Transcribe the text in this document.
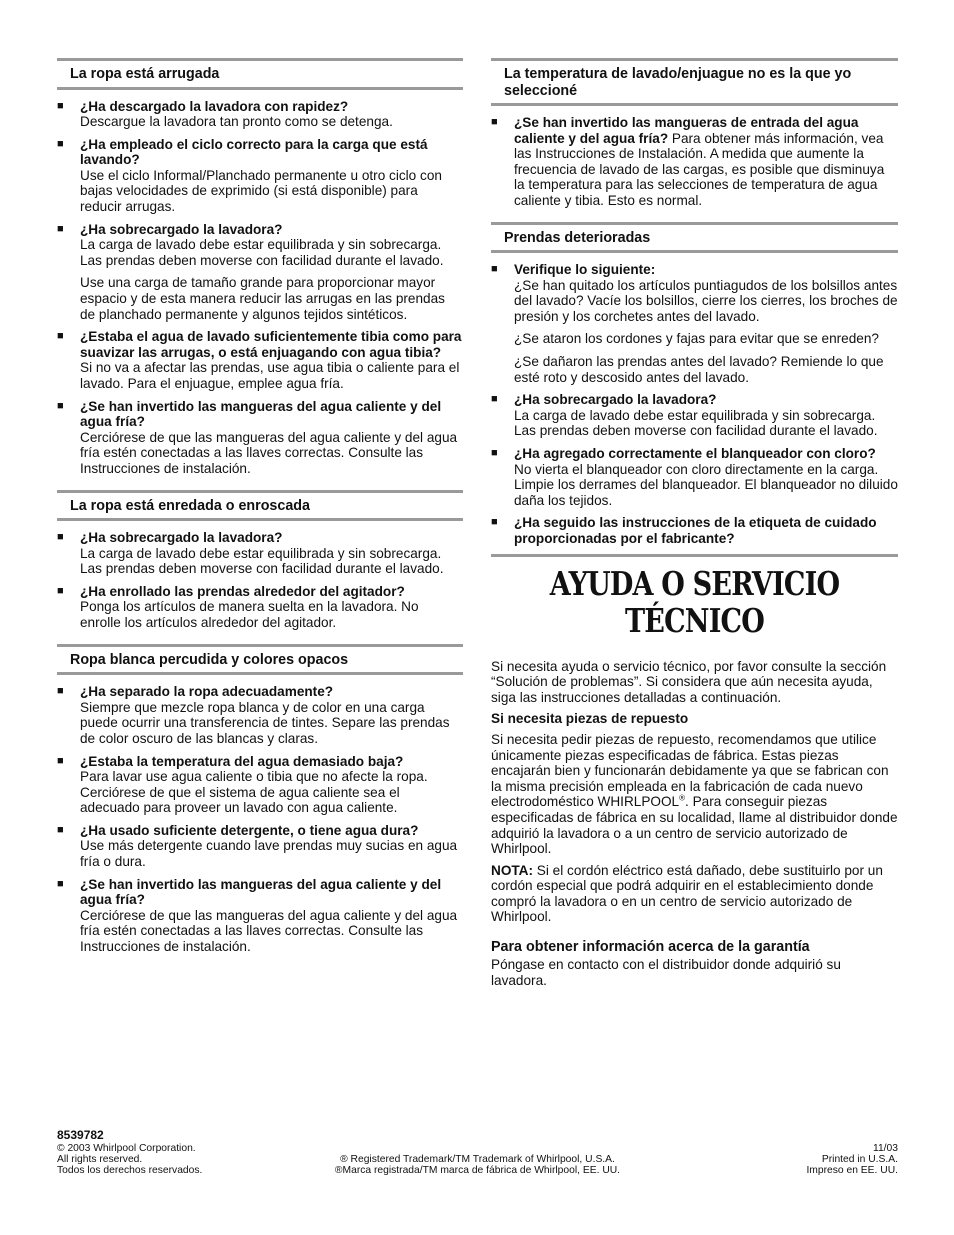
La ropa está arrugada
■ ¿Ha descargado la lavadora con rapidez?

Descargue la lavadora tan pronto como se detenga.

■ ¿Ha empleado el ciclo correcto para la carga que está lavando?

Use el ciclo Informal/Planchado permanente u otro ciclo con bajas velocidades de exprimido (si está disponible) para reducir arrugas.

■ ¿Ha sobrecargado la lavadora?

La carga de lavado debe estar equilibrada y sin sobrecarga. Las prendas deben moverse con facilidad durante el lavado.

Use una carga de tamaño grande para proporcionar mayor espacio y de esta manera reducir las arrugas en las prendas de planchado permanente y algunos tejidos sintéticos.

■ ¿Estaba el agua de lavado suficientemente tibia como para suavizar las arrugas, o está enjuagando con agua tibia?

Si no va a afectar las prendas, use agua tibia o caliente para el lavado. Para el enjuague, emplee agua fría.

■ ¿Se han invertido las mangueras del agua caliente y del agua fría?

Cerciórese de que las mangueras del agua caliente y del agua fría estén conectadas a las llaves correctas. Consulte las Instrucciones de instalación.

La ropa está enredada o enroscada
■ ¿Ha sobrecargado la lavadora?

La carga de lavado debe estar equilibrada y sin sobrecarga. Las prendas deben moverse con facilidad durante el lavado.

■ ¿Ha enrollado las prendas alrededor del agitador?

Ponga los artículos de manera suelta en la lavadora. No enrolle los artículos alrededor del agitador.

Ropa blanca percudida y colores opacos
■ ¿Ha separado la ropa adecuadamente?

Siempre que mezcle ropa blanca y de color en una carga puede ocurrir una transferencia de tintes. Separe las prendas de color oscuro de las blancas y claras.

■ ¿Estaba la temperatura del agua demasiado baja?

Para lavar use agua caliente o tibia que no afecte la ropa. Cerciórese de que el sistema de agua caliente sea el adecuado para proveer un lavado con agua caliente.

■ ¿Ha usado suficiente detergente, o tiene agua dura?

Use más detergente cuando lave prendas muy sucias en agua fría o dura.

■ ¿Se han invertido las mangueras del agua caliente y del agua fría?

Cerciórese de que las mangueras del agua caliente y del agua fría estén conectadas a las llaves correctas. Consulte las Instrucciones de instalación.

La temperatura de lavado/enjuague no es la que yo seleccioné
■ ¿Se han invertido las mangueras de entrada del agua caliente y del agua fría? Para obtener más información, vea las Instrucciones de Instalación. A medida que aumente la frecuencia de lavado de las cargas, es posible que disminuya la temperatura para las selecciones de temperatura de agua caliente y tibia. Esto es normal.
Prendas deterioradas
■ Verifique lo siguiente:

¿Se han quitado los artículos puntiagudos de los bolsillos antes del lavado? Vacíe los bolsillos, cierre los cierres, los broches de presión y los corchetes antes del lavado.

¿Se ataron los cordones y fajas para evitar que se enreden?

¿Se dañaron las prendas antes del lavado? Remiende lo que esté roto y descosido antes del lavado.

■ ¿Ha sobrecargado la lavadora?

La carga de lavado debe estar equilibrada y sin sobrecarga. Las prendas deben moverse con facilidad durante el lavado.

■ ¿Ha agregado correctamente el blanqueador con cloro?

No vierta el blanqueador con cloro directamente en la carga. Limpie los derrames del blanqueador. El blanqueador no diluido daña los tejidos.

■ ¿Ha seguido las instrucciones de la etiqueta de cuidado proporcionadas por el fabricante?
AYUDA O SERVICIO
TÉCNICO

Si necesita ayuda o servicio técnico, por favor consulte la sección “Solución de problemas”. Si considera que aún necesita ayuda, siga las instrucciones detalladas a continuación.

Si necesita piezas de repuesto

Si necesita pedir piezas de repuesto, recomendamos que utilice únicamente piezas especificadas de fábrica. Estas piezas encajarán bien y funcionarán debidamente ya que se fabrican con la misma precisión empleada en la fabricación de cada nuevo electrodoméstico WHIRLPOOL®. Para conseguir piezas especificadas de fábrica en su localidad, llame al distribuidor donde adquirió la lavadora o a un centro de servicio autorizado de Whirlpool.

NOTA: Si el cordón eléctrico está dañado, debe sustituirlo por un cordón especial que podrá adquirir en el establecimiento donde compró la lavadora o en un centro de servicio autorizado de Whirlpool.

Para obtener información acerca de la garantía

Póngase en contacto con el distribuidor donde adquirió su lavadora.

8539782
© 2003 Whirlpool Corporation.
All rights reserved.
Todos los derechos reservados.
® Registered Trademark/TM Trademark of Whirlpool, U.S.A.
®Marca registrada/TM marca de fábrica de Whirlpool, EE. UU.
11/03
Printed in U.S.A.
Impreso en EE. UU.
